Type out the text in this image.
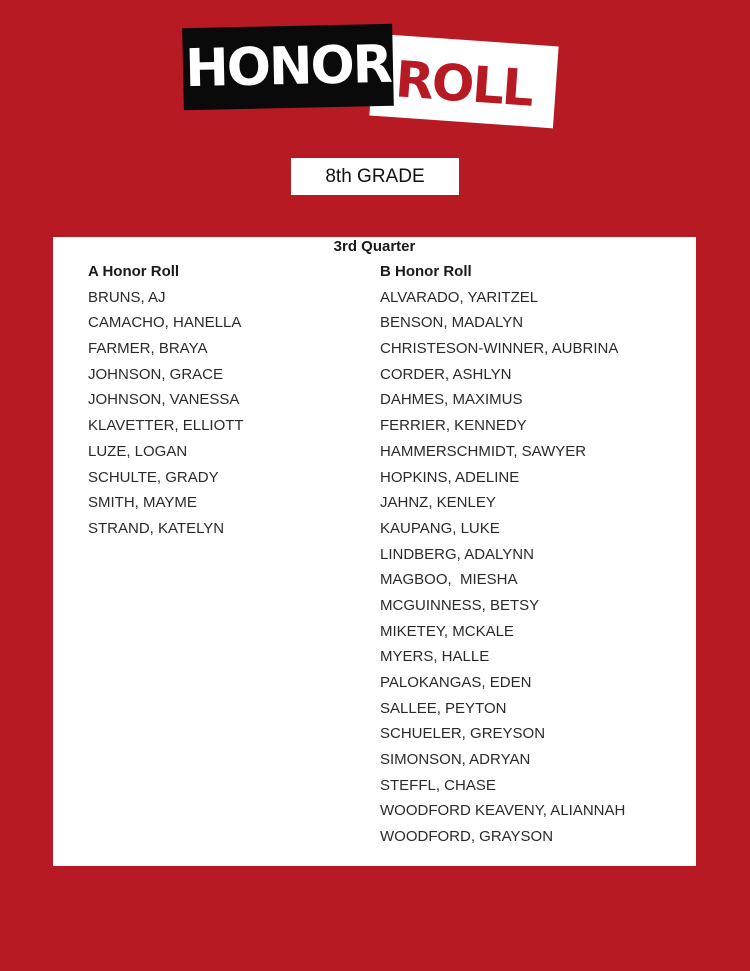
HONOR ROLL
8th GRADE
3rd Quarter
A Honor Roll
BRUNS, AJ
CAMACHO, HANELLA
FARMER, BRAYA
JOHNSON, GRACE
JOHNSON, VANESSA
KLAVETTER, ELLIOTT
LUZE, LOGAN
SCHULTE, GRADY
SMITH, MAYME
STRAND, KATELYN
B Honor Roll
ALVARADO, YARITZEL
BENSON, MADALYN
CHRISTESON-WINNER, AUBRINA
CORDER, ASHLYN
DAHMES, MAXIMUS
FERRIER, KENNEDY
HAMMERSCHMIDT, SAWYER
HOPKINS, ADELINE
JAHNZ, KENLEY
KAUPANG, LUKE
LINDBERG, ADALYNN
MAGBOO,  MIESHA
MCGUINNESS, BETSY
MIKETEY, MCKALE
MYERS, HALLE
PALOKANGAS, EDEN
SALLEE, PEYTON
SCHUELER, GREYSON
SIMONSON, ADRYAN
STEFFL, CHASE
WOODFORD KEAVENY, ALIANNAH
WOODFORD, GRAYSON
